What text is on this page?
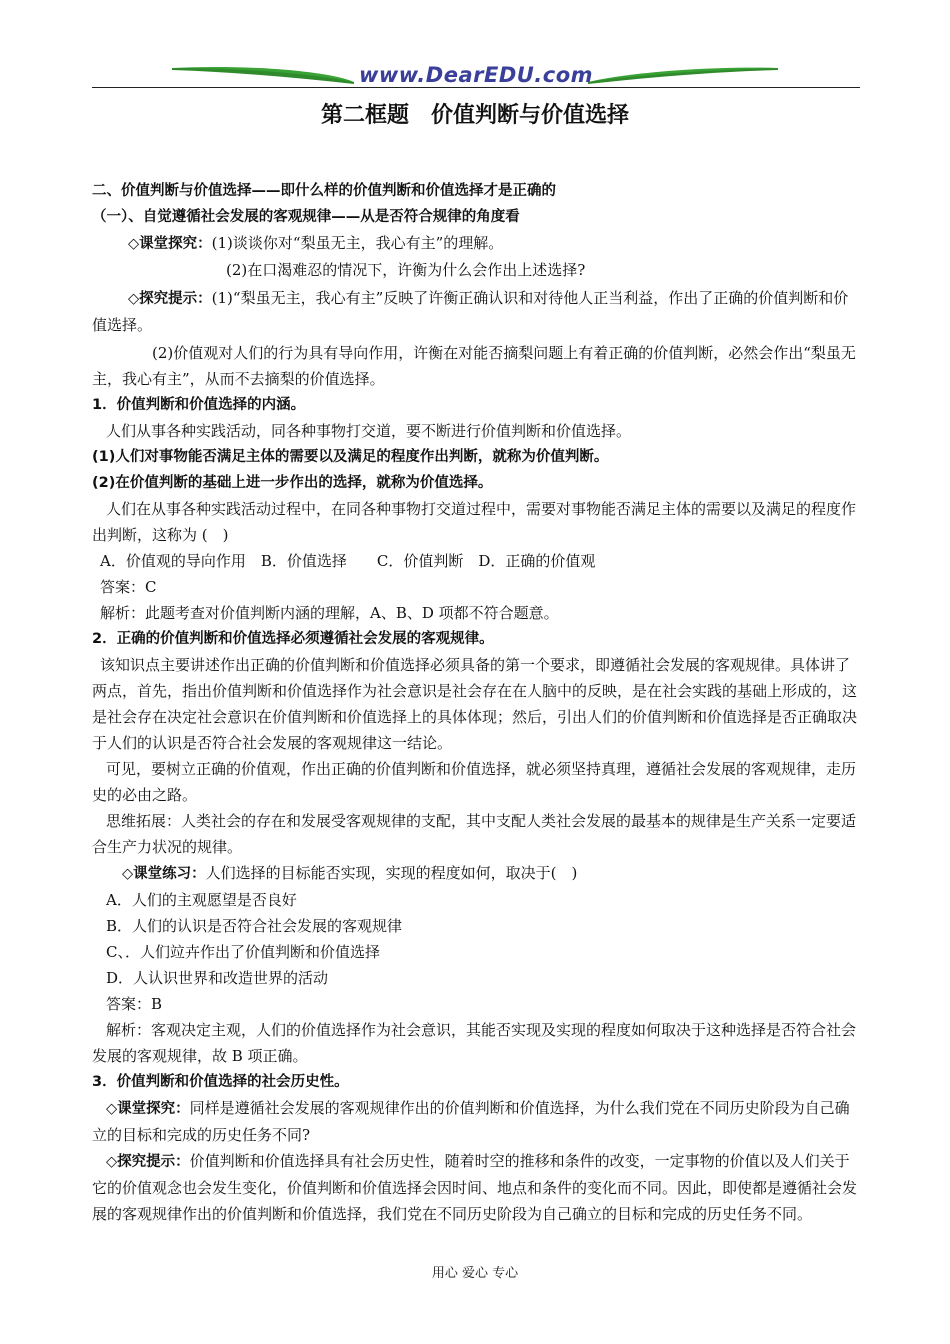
www.DearEDU.com
第二框题　价值判断与价值选择

二、价值判断与价值选择——即什么样的价值判断和价值选择才是正确的

（一）、自觉遵循社会发展的客观规律——从是否符合规律的角度看

◇课堂探究：(1)谈谈你对“梨虽无主，我心有主”的理解。

(2)在口渴难忍的情况下，许衡为什么会作出上述选择?

◇探究提示：(1)“梨虽无主，我心有主”反映了许衡正确认识和对待他人正当利益，作出了正确的价值判断和价值选择。

(2)价值观对人们的行为具有导向作用，许衡在对能否摘梨问题上有着正确的价值判断，必然会作出“梨虽无主，我心有主”，从而不去摘梨的价值选择。

1．价值判断和价值选择的内涵。

人们从事各种实践活动，同各种事物打交道，要不断进行价值判断和价值选择。

(1)人们对事物能否满足主体的需要以及满足的程度作出判断，就称为价值判断。

(2)在价值判断的基础上进一步作出的选择，就称为价值选择。

人们在从事各种实践活动过程中，在同各种事物打交道过程中，需要对事物能否满足主体的需要以及满足的程度作出判断，这称为 (　)

A．价值观的导向作用　B．价值选择　　C．价值判断　D．正确的价值观

答案：C

解析：此题考查对价值判断内涵的理解，A、B、D 项都不符合题意。

2．正确的价值判断和价值选择必须遵循社会发展的客观规律。

该知识点主要讲述作出正确的价值判断和价值选择必须具备的第一个要求，即遵循社会发展的客观规律。具体讲了两点，首先，指出价值判断和价值选择作为社会意识是社会存在在人脑中的反映，是在社会实践的基础上形成的，这是社会存在决定社会意识在价值判断和价值选择上的具体体现；然后，引出人们的价值判断和价值选择是否正确取决于人们的认识是否符合社会发展的客观规律这一结论。

可见，要树立正确的价值观，作出正确的价值判断和价值选择，就必须坚持真理，遵循社会发展的客观规律，走历史的必由之路。

思维拓展：人类社会的存在和发展受客观规律的支配，其中支配人类社会发展的最基本的规律是生产关系一定要适合生产力状况的规律。

◇课堂练习：人们选择的目标能否实现，实现的程度如何，取决于(　)

A．人们的主观愿望是否良好

B．人们的认识是否符合社会发展的客观规律

C、．人们竝卉作出了价值判断和价值选择

D．人认识世界和改造世界的活动

答案：B

解析：客观决定主观，人们的价值选择作为社会意识，其能否实现及实现的程度如何取决于这种选择是否符合社会发展的客观规律，故 B 项正确。

3．价值判断和价值选择的社会历史性。

◇课堂探究：同样是遵循社会发展的客观规律作出的价值判断和价值选择，为什么我们党在不同历史阶段为自己确立的目标和完成的历史任务不同?

◇探究提示：价值判断和价值选择具有社会历史性，随着时空的推移和条件的改变，一定事物的价值以及人们关于它的价值观念也会发生变化，价值判断和价值选择会因时间、地点和条件的变化而不同。因此，即使都是遵循社会发展的客观规律作出的价值判断和价值选择，我们党在不同历史阶段为自己确立的目标和完成的历史任务不同。

用心 爱心 专心
